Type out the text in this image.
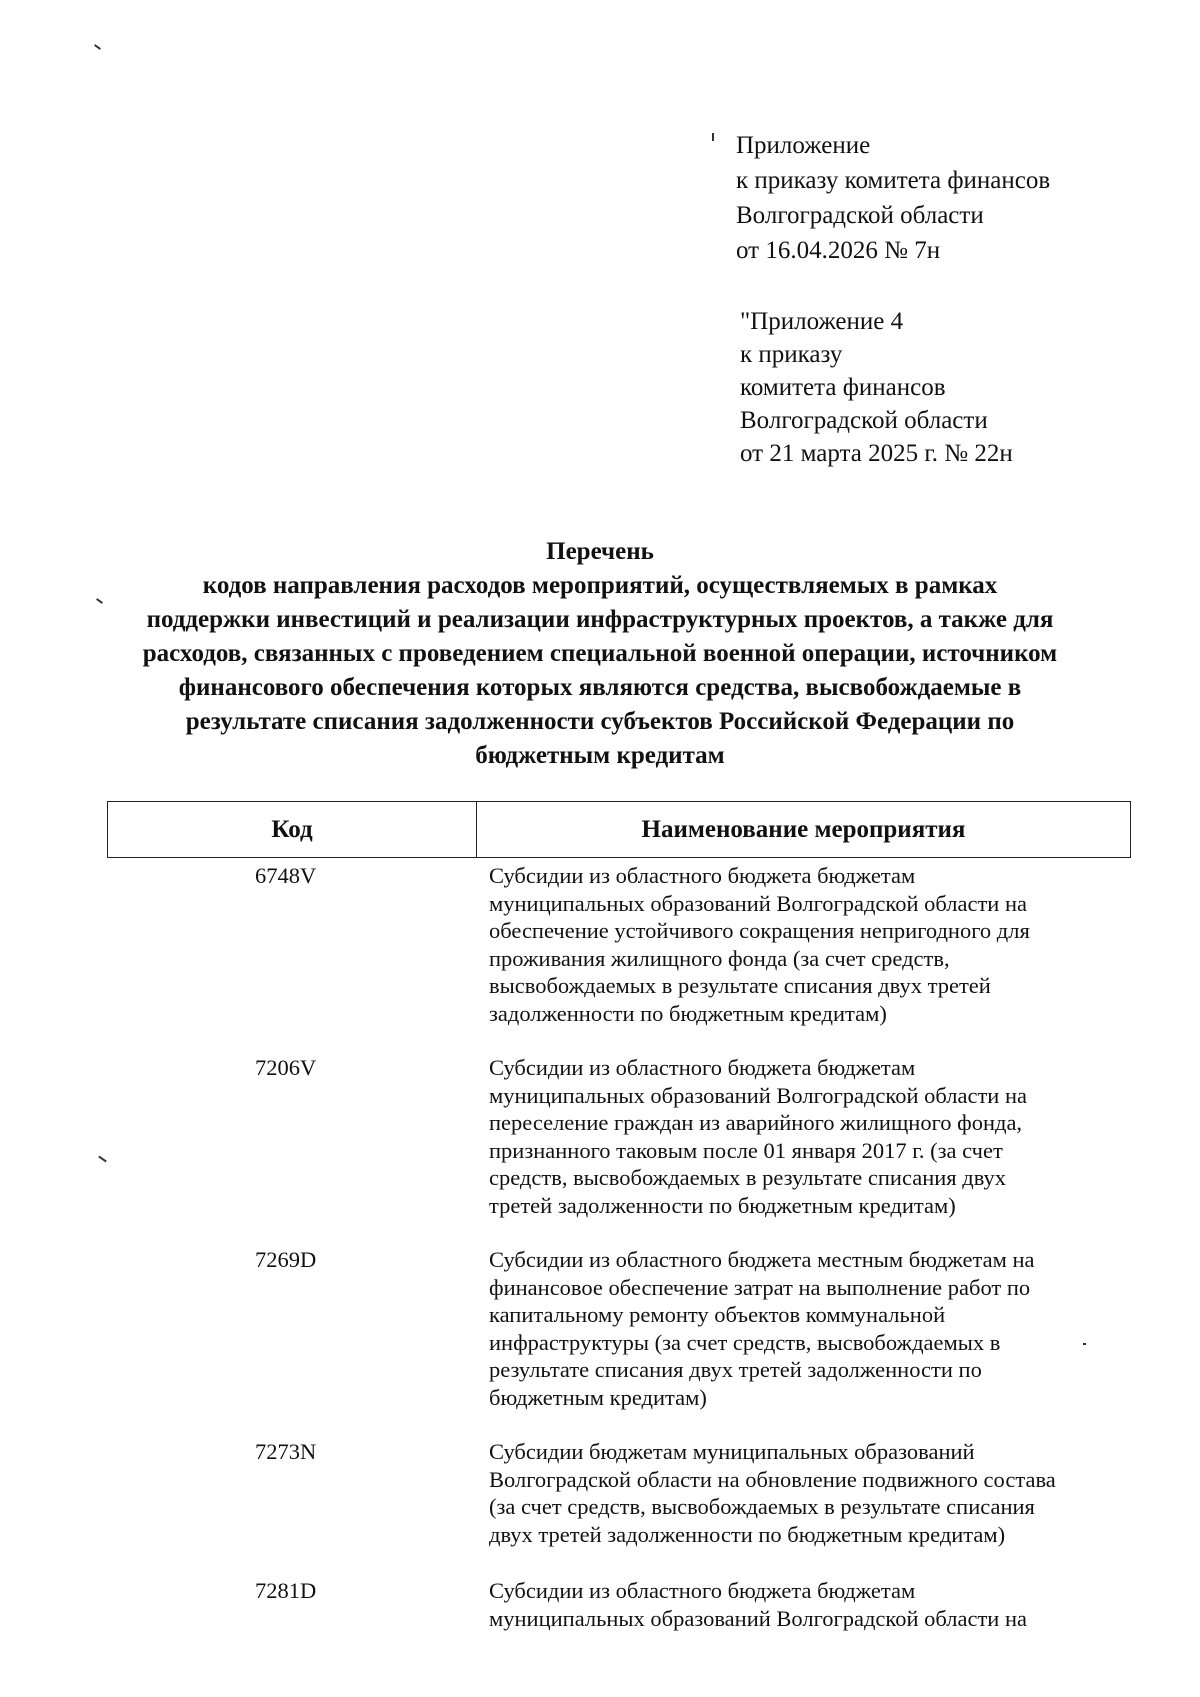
Приложение
к приказу комитета финансов
Волгоградской области
от 16.04.2026 № 7н
"Приложение 4
к приказу
комитета финансов
Волгоградской области
от 21 марта 2025 г. № 22н
Перечень
кодов направления расходов мероприятий, осуществляемых в рамках
поддержки инвестиций и реализации инфраструктурных проектов, а также для
расходов, связанных с проведением специальной военной операции, источником
финансового обеспечения которых являются средства, высвобождаемые в
результате списания задолженности субъектов Российской Федерации по
бюджетным кредитам
Код	Наименование мероприятия
6748V	Субсидии из областного бюджета бюджетам
муниципальных образований Волгоградской области на
обеспечение устойчивого сокращения непригодного для
проживания жилищного фонда (за счет средств,
высвобождаемых в результате списания двух третей
задолженности по бюджетным кредитам)
7206V	Субсидии из областного бюджета бюджетам
муниципальных образований Волгоградской области на
переселение граждан из аварийного жилищного фонда,
признанного таковым после 01 января 2017 г. (за счет
средств, высвобождаемых в результате списания двух
третей задолженности по бюджетным кредитам)
7269D	Субсидии из областного бюджета местным бюджетам на
финансовое обеспечение затрат на выполнение работ по
капитальному ремонту объектов коммунальной
инфраструктуры (за счет средств, высвобождаемых в
результате списания двух третей задолженности по
бюджетным кредитам)
7273N	Субсидии бюджетам муниципальных образований
Волгоградской области на обновление подвижного состава
(за счет средств, высвобождаемых в результате списания
двух третей задолженности по бюджетным кредитам)
7281D	Субсидии из областного бюджета бюджетам
муниципальных образований Волгоградской области на
